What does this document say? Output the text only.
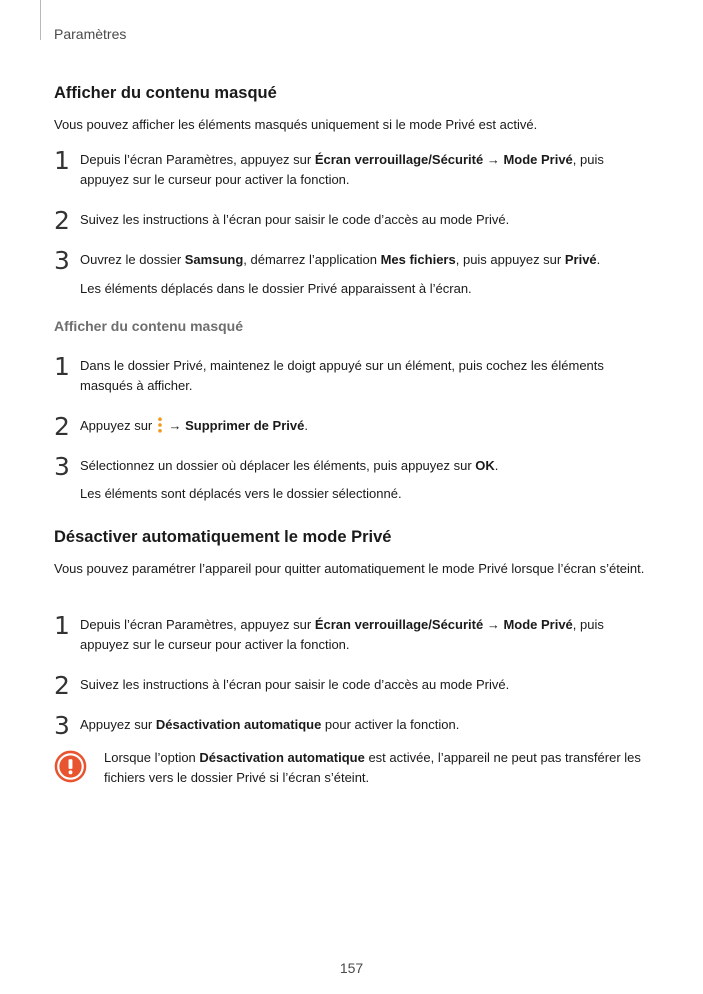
Paramètres
Afficher du contenu masqué
Vous pouvez afficher les éléments masqués uniquement si le mode Privé est activé.
1 Depuis l’écran Paramètres, appuyez sur Écran verrouillage/Sécurité → Mode Privé, puis appuyez sur le curseur pour activer la fonction.
2 Suivez les instructions à l’écran pour saisir le code d’accès au mode Privé.
3 Ouvrez le dossier Samsung, démarrez l’application Mes fichiers, puis appuyez sur Privé.
Les éléments déplacés dans le dossier Privé apparaissent à l’écran.
Afficher du contenu masqué
1 Dans le dossier Privé, maintenez le doigt appuyé sur un élément, puis cochez les éléments masqués à afficher.
2 Appuyez sur  → Supprimer de Privé.
3 Sélectionnez un dossier où déplacer les éléments, puis appuyez sur OK.
Les éléments sont déplacés vers le dossier sélectionné.
Désactiver automatiquement le mode Privé
Vous pouvez paramétrer l’appareil pour quitter automatiquement le mode Privé lorsque l’écran s’éteint.
1 Depuis l’écran Paramètres, appuyez sur Écran verrouillage/Sécurité → Mode Privé, puis appuyez sur le curseur pour activer la fonction.
2 Suivez les instructions à l’écran pour saisir le code d’accès au mode Privé.
3 Appuyez sur Désactivation automatique pour activer la fonction.
Lorsque l’option Désactivation automatique est activée, l’appareil ne peut pas transférer les fichiers vers le dossier Privé si l’écran s’éteint.
157
